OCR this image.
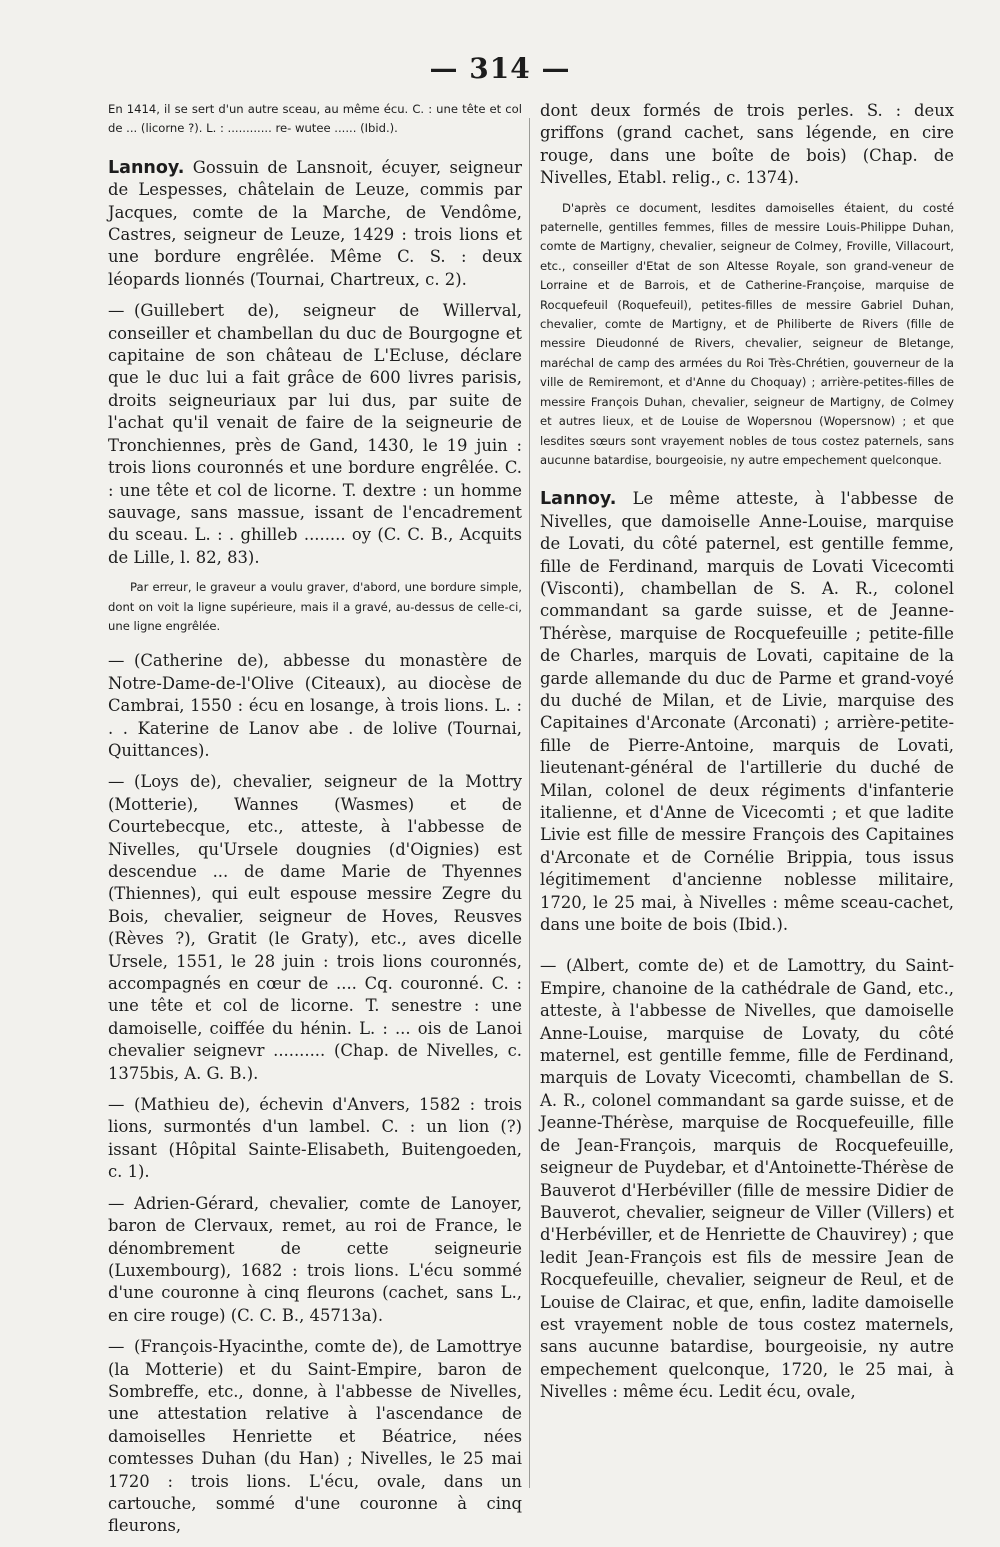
— 314 —

En 1414, il se sert d'un autre sceau, au même écu. C. : une tête et col de ... (licorne ?). L. : ............ re- wutee ...... (Ibid.).

Lannoy. Gossuin de Lansnoit, écuyer, seigneur de Lespesses, châtelain de Leuze, commis par Jacques, comte de la Marche, de Vendôme, Castres, seigneur de Leuze, 1429 : trois lions et une bordure engrêlée. Même C. S. : deux léopards lionnés (Tournai, Chartreux, c. 2).

— (Guillebert de), seigneur de Willerval, conseiller et chambellan du duc de Bourgogne et capitaine de son château de L'Ecluse, déclare que le duc lui a fait grâce de 600 livres parisis, droits seigneuriaux par lui dus, par suite de l'achat qu'il venait de faire de la seigneurie de Tronchiennes, près de Gand, 1430, le 19 juin : trois lions couronnés et une bordure engrêlée. C. : une tête et col de licorne. T. dextre : un homme sauvage, sans massue, issant de l'encadrement du sceau. L. : . ghilleb ........ oy (C. C. B., Acquits de Lille, l. 82, 83).

Par erreur, le graveur a voulu graver, d'abord, une bordure simple, dont on voit la ligne supérieure, mais il a gravé, au-dessus de celle-ci, une ligne engrêlée.

— (Catherine de), abbesse du monastère de Notre-Dame-de-l'Olive (Citeaux), au diocèse de Cambrai, 1550 : écu en losange, à trois lions. L. : . . Katerine de Lanov abe . de lolive (Tournai, Quittances).

— (Loys de), chevalier, seigneur de la Mottry (Motterie), Wannes (Wasmes) et de Courtebecque, etc., atteste, à l'abbesse de Nivelles, qu'Ursele dougnies (d'Oignies) est descendue ... de dame Marie de Thyennes (Thiennes), qui eult espouse messire Zegre du Bois, chevalier, seigneur de Hoves, Reusves (Rèves ?), Gratit (le Graty), etc., aves dicelle Ursele, 1551, le 28 juin : trois lions couronnés, accompagnés en cœur de .... Cq. couronné. C. : une tête et col de licorne. T. senestre : une damoiselle, coiffée du hénin. L. : ... ois de Lanoi chevalier seignevr .......... (Chap. de Nivelles, c. 1375bis, A. G. B.).

— (Mathieu de), échevin d'Anvers, 1582 : trois lions, surmontés d'un lambel. C. : un lion (?) issant (Hôpital Sainte-Elisabeth, Buitengoeden, c. 1).

— Adrien-Gérard, chevalier, comte de Lanoyer, baron de Clervaux, remet, au roi de France, le dénombrement de cette seigneurie (Luxembourg), 1682 : trois lions. L'écu sommé d'une couronne à cinq fleurons (cachet, sans L., en cire rouge) (C. C. B., 45713a).

— (François-Hyacinthe, comte de), de Lamottrye (la Motterie) et du Saint-Empire, baron de Sombreffe, etc., donne, à l'abbesse de Nivelles, une attestation relative à l'ascendance de damoiselles Henriette et Béatrice, nées comtesses Duhan (du Han) ; Nivelles, le 25 mai 1720 : trois lions. L'écu, ovale, dans un cartouche, sommé d'une couronne à cinq fleurons,

dont deux formés de trois perles. S. : deux griffons (grand cachet, sans légende, en cire rouge, dans une boîte de bois) (Chap. de Nivelles, Etabl. relig., c. 1374).

D'après ce document, lesdites damoiselles étaient, du costé paternelle, gentilles femmes, filles de messire Louis-Philippe Duhan, comte de Martigny, chevalier, seigneur de Colmey, Froville, Villacourt, etc., conseiller d'Etat de son Altesse Royale, son grand-veneur de Lorraine et de Barrois, et de Catherine-Françoise, marquise de Rocquefeuil (Roquefeuil), petites-filles de messire Gabriel Duhan, chevalier, comte de Martigny, et de Philiberte de Rivers (fille de messire Dieudonné de Rivers, chevalier, seigneur de Bletange, maréchal de camp des armées du Roi Très-Chrétien, gouverneur de la ville de Remiremont, et d'Anne du Choquay) ; arrière-petites-filles de messire François Duhan, chevalier, seigneur de Martigny, de Colmey et autres lieux, et de Louise de Wopersnou (Wopersnow) ; et que lesdites sœurs sont vrayement nobles de tous costez paternels, sans aucunne batardise, bourgeoisie, ny autre empechement quelconque.

Lannoy. Le même atteste, à l'abbesse de Nivelles, que damoiselle Anne-Louise, marquise de Lovati, du côté paternel, est gentille femme, fille de Ferdinand, marquis de Lovati Vicecomti (Visconti), chambellan de S. A. R., colonel commandant sa garde suisse, et de Jeanne-Thérèse, marquise de Rocquefeuille ; petite-fille de Charles, marquis de Lovati, capitaine de la garde allemande du duc de Parme et grand-voyé du duché de Milan, et de Livie, marquise des Capitaines d'Arconate (Arconati) ; arrière-petite-fille de Pierre-Antoine, marquis de Lovati, lieutenant-général de l'artillerie du duché de Milan, colonel de deux régiments d'infanterie italienne, et d'Anne de Vicecomti ; et que ladite Livie est fille de messire François des Capitaines d'Arconate et de Cornélie Brippia, tous issus légitimement d'ancienne noblesse militaire, 1720, le 25 mai, à Nivelles : même sceau-cachet, dans une boite de bois (Ibid.).

— (Albert, comte de) et de Lamottry, du Saint-Empire, chanoine de la cathédrale de Gand, etc., atteste, à l'abbesse de Nivelles, que damoiselle Anne-Louise, marquise de Lovaty, du côté maternel, est gentille femme, fille de Ferdinand, marquis de Lovaty Vicecomti, chambellan de S. A. R., colonel commandant sa garde suisse, et de Jeanne-Thérèse, marquise de Rocquefeuille, fille de Jean-François, marquis de Rocquefeuille, seigneur de Puydebar, et d'Antoinette-Thérèse de Bauverot d'Herbéviller (fille de messire Didier de Bauverot, chevalier, seigneur de Viller (Villers) et d'Herbéviller, et de Henriette de Chauvirey) ; que ledit Jean-François est fils de messire Jean de Rocquefeuille, chevalier, seigneur de Reul, et de Louise de Clairac, et que, enfin, ladite damoiselle est vrayement noble de tous costez maternels, sans aucunne batardise, bourgeoisie, ny autre empechement quelconque, 1720, le 25 mai, à Nivelles : même écu. Ledit écu, ovale,
